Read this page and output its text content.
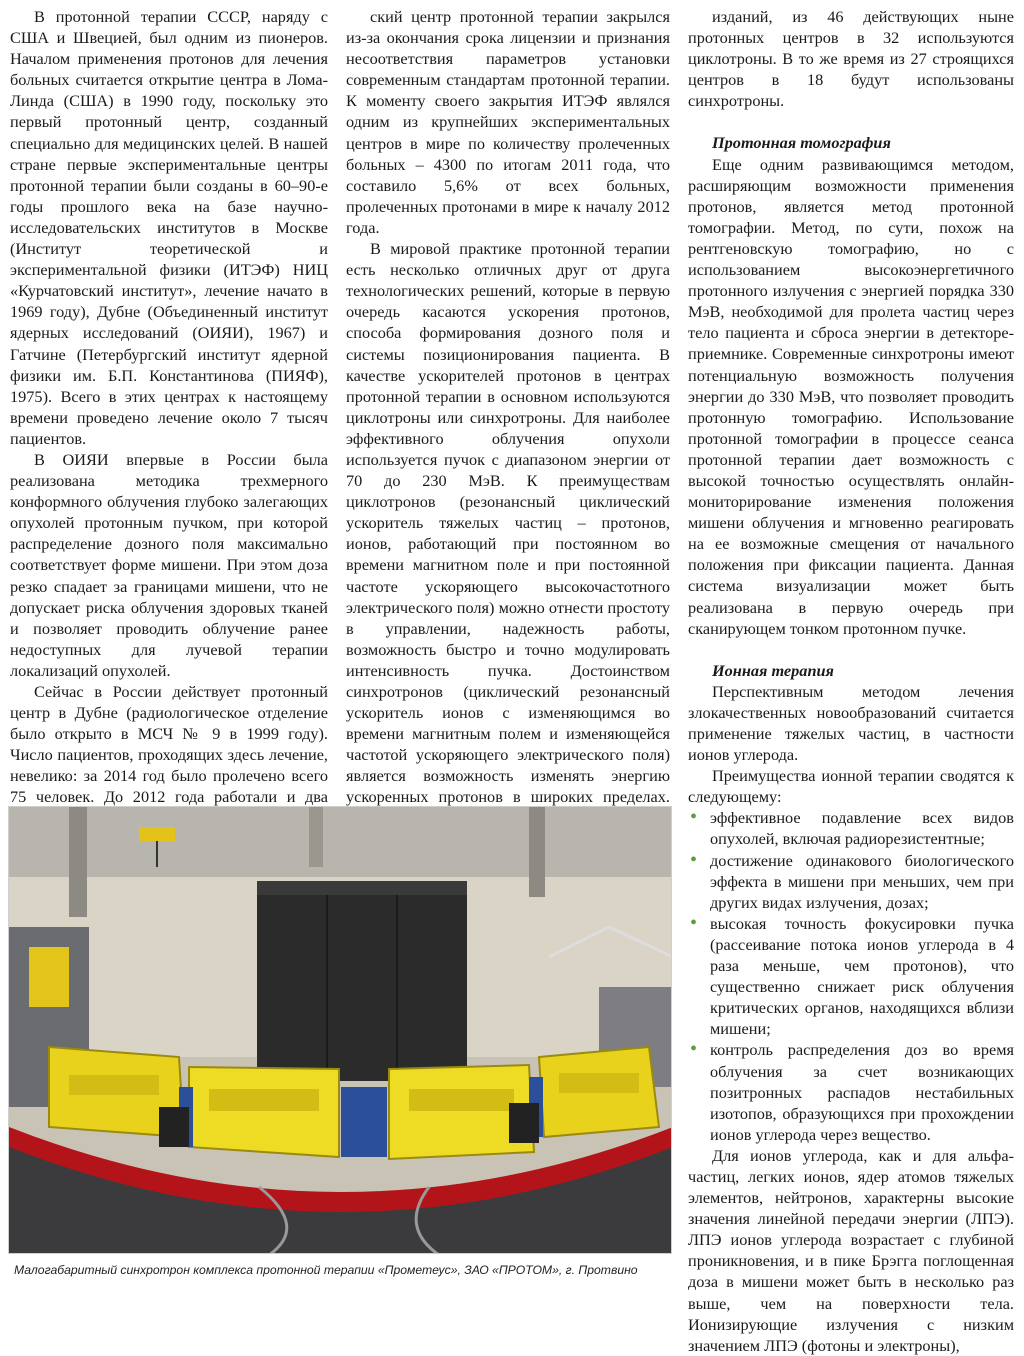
В протонной терапии СССР, наряду с США и Швецией, был одним из пионеров. Началом применения протонов для лечения больных считается открытие центра в Лома-Линда (США) в 1990 году, поскольку это первый протонный центр, созданный специально для медицинских целей. В нашей стране первые экспериментальные центры протонной терапии были созданы в 60–90-е годы прошлого века на базе научно-исследовательских институтов в Москве (Институт теоретической и экспериментальной физики (ИТЭФ) НИЦ «Курчатовский институт», лечение начато в 1969 году), Дубне (Объединенный институт ядерных исследований (ОИЯИ), 1967) и Гатчине (Петербургский институт ядерной физики им. Б.П. Константинова (ПИЯФ), 1975). Всего в этих центрах к настоящему времени проведено лечение около 7 тысяч пациентов.

В ОИЯИ впервые в России была реализована методика трехмерного конформного облучения глубоко залегающих опухолей протонным пучком, при которой распределение дозного поля максимально соответствует форме мишени. При этом доза резко спадает за границами мишени, что не допускает риска облучения здоровых тканей и позволяет проводить облучение ранее недоступных для лучевой терапии локализаций опухолей.

Сейчас в России действует протонный центр в Дубне (радиологическое отделение было открыто в МСЧ № 9 в 1999 году). Число пациентов, проходящих здесь лечение, невелико: за 2014 год было пролечено всего 75 человек. До 2012 года работали и два

ский центр протонной терапии закрылся из-за окончания срока лицензии и признания несоответствия параметров установки современным стандартам протонной терапии. К моменту своего закрытия ИТЭФ являлся одним из крупнейших экспериментальных центров в мире по количеству пролеченных больных – 4300 по итогам 2011 года, что составило 5,6% от всех больных, пролеченных протонами в мире к началу 2012 года.

В мировой практике протонной терапии есть несколько отличных друг от друга технологических решений, которые в первую очередь касаются ускорения протонов, способа формирования дозного поля и системы позиционирования пациента. В качестве ускорителей протонов в центрах протонной терапии в основном используются циклотроны или синхротроны. Для наиболее эффективного облучения опухоли используется пучок с диапазоном энергии от 70 до 230 МэВ. К преимуществам циклотронов (резонансный циклический ускоритель тяжелых частиц – протонов, ионов, работающий при постоянном во времени магнитном поле и при постоянной частоте ускоряющего высокочастотного электрического поля) можно отнести простоту в управлении, надежность работы, возможность быстро и точно модулировать интенсивность пучка. Достоинством синхротронов (циклический резонансный ускоритель ионов с изменяющимся во времени магнитным полем и изменяющейся частотой ускоряющего электрического поля) является возможность изменять энергию ускоренных протонов в широких пределах.

изданий, из 46 действующих ныне протонных центров в 32 используются циклотроны. В то же время из 27 строящихся центров в 18 будут использованы синхротроны.

Протонная томография

Еще одним развивающимся методом, расширяющим возможности применения протонов, является метод протонной томографии. Метод, по сути, похож на рентгеновскую томографию, но с использованием высокоэнергетичного протонного излучения с энергией порядка 330 МэВ, необходимой для пролета частиц через тело пациента и сброса энергии в детекторе-приемнике. Современные синхротроны имеют потенциальную возможность получения энергии до 330 МэВ, что позволяет проводить протонную томографию. Использование протонной томографии в процессе сеанса протонной терапии дает возможность с высокой точностью осуществлять онлайн-мониторирование изменения положения мишени облучения и мгновенно реагировать на ее возможные смещения от начального положения при фиксации пациента. Данная система визуализации может быть реализована в первую очередь при сканирующем тонком протонном пучке.

Ионная терапия

Перспективным методом лечения злокачественных новообразований считается применение тяжелых частиц, в частности ионов углерода.

Преимущества ионной терапии сводятся к следующему:

• эффективное подавление всех видов опухолей, включая радиорезистентные;
• достижение одинакового биологического эффекта в мишени при меньших, чем при других видах излучения, дозах;
• высокая точность фокусировки пучка (рассеивание потока ионов углерода в 4 раза меньше, чем протонов), что существенно снижает риск облучения критических органов, находящихся вблизи мишени;
• контроль распределения доз во время облучения за счет возникающих позитронных распадов нестабильных изотопов, образующихся при прохождении ионов углерода через вещество.

Для ионов углерода, как и для альфа-частиц, легких ионов, ядер атомов тяжелых элементов, нейтронов, характерны высокие значения линейной передачи энергии (ЛПЭ). ЛПЭ ионов углерода возрастает с глубиной проникновения, и в пике Брэгга поглощенная доза в мишени может быть в несколько раз выше, чем на поверхности тела. Ионизирующие излучения с низким значением ЛПЭ (фотоны и электроны),

Малогабаритный синхротрон комплекса протонной терапии «Прометеус», ЗАО «ПРОТОМ», г. Протвино
